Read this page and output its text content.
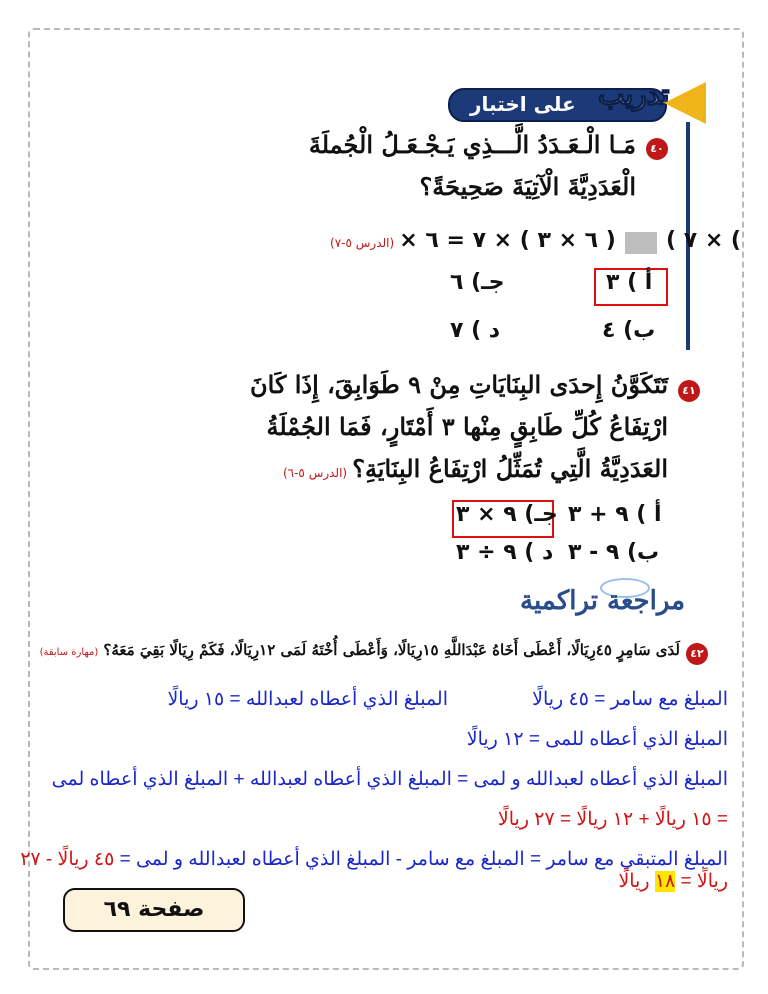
على اختبار تدريب
٤٠
مَـا الْـعَـدَدُ الَّـــذِي يَـجْـعَـلُ الْجُملَةَ
الْعَدَدِيَّةَ الْآتِيَةَ صَحِيحَةً؟
(الدرس ٥-٧) × ٧ )  ( ٦ × ٣ ) × ٧ = ٦ × (
أ ) ٣
جـ) ٦
ب) ٤
د ) ٧
٤١
تَتَكَوَّنُ إِحدَى البِنَايَاتِ مِنْ ٩ طَوَابِقَ، إِذَا كَانَ
ارْتِفَاعُ كُلِّ طَابِقٍ مِنْها ٣ أَمْتَارٍ، فَمَا الجُمْلَةُ
العَدَدِيَّةُ الَّتِي تُمَثِّلُ ارْتِفَاعُ البِنَايَةِ؟ (الدرس ٥-٦)
أ ) ٩ + ٣
جـ) ٩ × ٣
ب) ٩ - ٣
د ) ٩ ÷ ٣
مراجعة تراكمية
٤٢
لَدَى سَامِرٍ ٤٥رِيَالًا، أَعْطَى أَخَاهُ عَبْدَاللَّهِ ١٥رِيَالًا، وَأَعْطَى أُخْتَهُ لَمَى ١٢رِيَالًا، فَكَمْ رِيَالًا بَقِيَ مَعَهُ؟ (مهارة سابقة)
المبلغ مع سامر = ٤٥ ريالًا
المبلغ الذي أعطاه لعبدالله = ١٥ ريالًا
المبلغ الذي أعطاه للمى = ١٢ ريالًا
المبلغ الذي أعطاه لعبدالله و لمى = المبلغ الذي أعطاه لعبدالله + المبلغ الذي أعطاه لمى
= ١٥ ريالًا + ١٢ ريالًا = ٢٧ ريالًا
المبلغ المتبقي مع سامر = المبلغ مع سامر - المبلغ الذي أعطاه لعبدالله و لمى = ٤٥ ريالًا - ٢٧
ريالًا = ١٨ ريالًا
صفحة ٦٩
